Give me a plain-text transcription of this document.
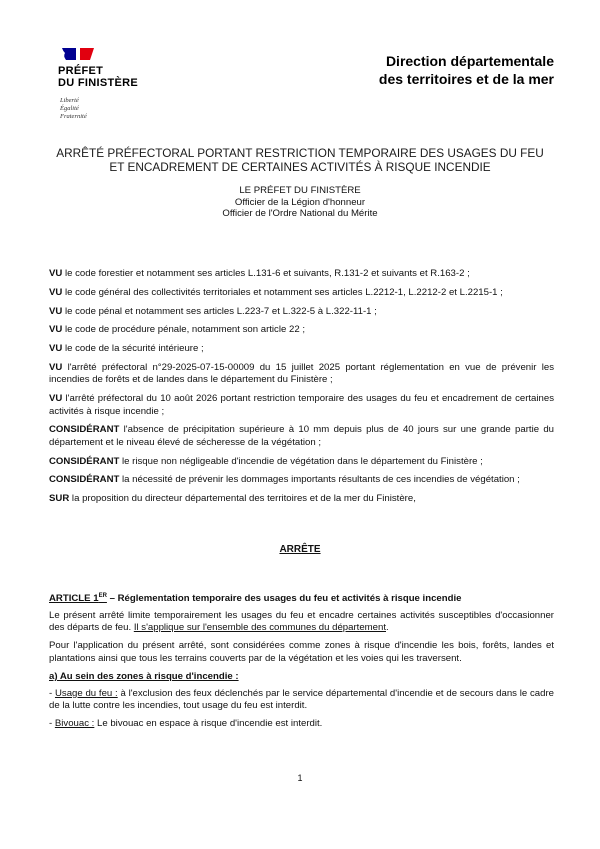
PRÉFET
DU FINISTÈRE
Liberté
Égalité
Fraternité
Direction départementale
des territoires et de la mer
ARRÊTÉ PRÉFECTORAL PORTANT RESTRICTION TEMPORAIRE DES USAGES DU FEU
ET ENCADREMENT DE CERTAINES ACTIVITÉS À RISQUE INCENDIE
LE PRÉFET DU FINISTÈRE
Officier de la Légion d'honneur
Officier de l'Ordre National du Mérite
VU le code forestier et notamment ses articles L.131-6 et suivants, R.131-2 et suivants et R.163-2 ;
VU le code général des collectivités territoriales et notamment ses articles L.2212-1, L.2212-2 et L.2215-1 ;
VU le code pénal et notamment ses articles L.223-7 et L.322-5 à L.322-11-1 ;
VU le code de procédure pénale, notamment son article 22 ;
VU le code de la sécurité intérieure ;
VU l'arrêté préfectoral n°29-2025-07-15-00009 du 15 juillet 2025 portant réglementation en vue de prévenir les incendies de forêts et de landes dans le département du Finistère ;
VU l'arrêté préfectoral du 10 août 2026 portant restriction temporaire des usages du feu et encadrement de certaines activités à risque incendie ;
CONSIDÉRANT l'absence de précipitation supérieure à 10 mm depuis plus de 40 jours sur une grande partie du département et le niveau élevé de sécheresse de la végétation ;
CONSIDÉRANT le risque non négligeable d'incendie de végétation dans le département du Finistère ;
CONSIDÉRANT la nécessité de prévenir les dommages importants résultants de ces incendies de végétation ;
SUR la proposition du directeur départemental des territoires et de la mer du Finistère,
ARRÊTE
ARTICLE 1ER – Réglementation temporaire des usages du feu et activités à risque incendie
Le présent arrêté limite temporairement les usages du feu et encadre certaines activités susceptibles d'occasionner des départs de feu. Il s'applique sur l'ensemble des communes du département.
Pour l'application du présent arrêté, sont considérées comme zones à risque d'incendie les bois, forêts, landes et plantations ainsi que tous les terrains couverts par de la végétation et les voies qui les traversent.
a) Au sein des zones à risque d'incendie :
- Usage du feu : à l'exclusion des feux déclenchés par le service départemental d'incendie et de secours dans le cadre de la lutte contre les incendies, tout usage du feu est interdit.
- Bivouac : Le bivouac en espace à risque d'incendie est interdit.
1
